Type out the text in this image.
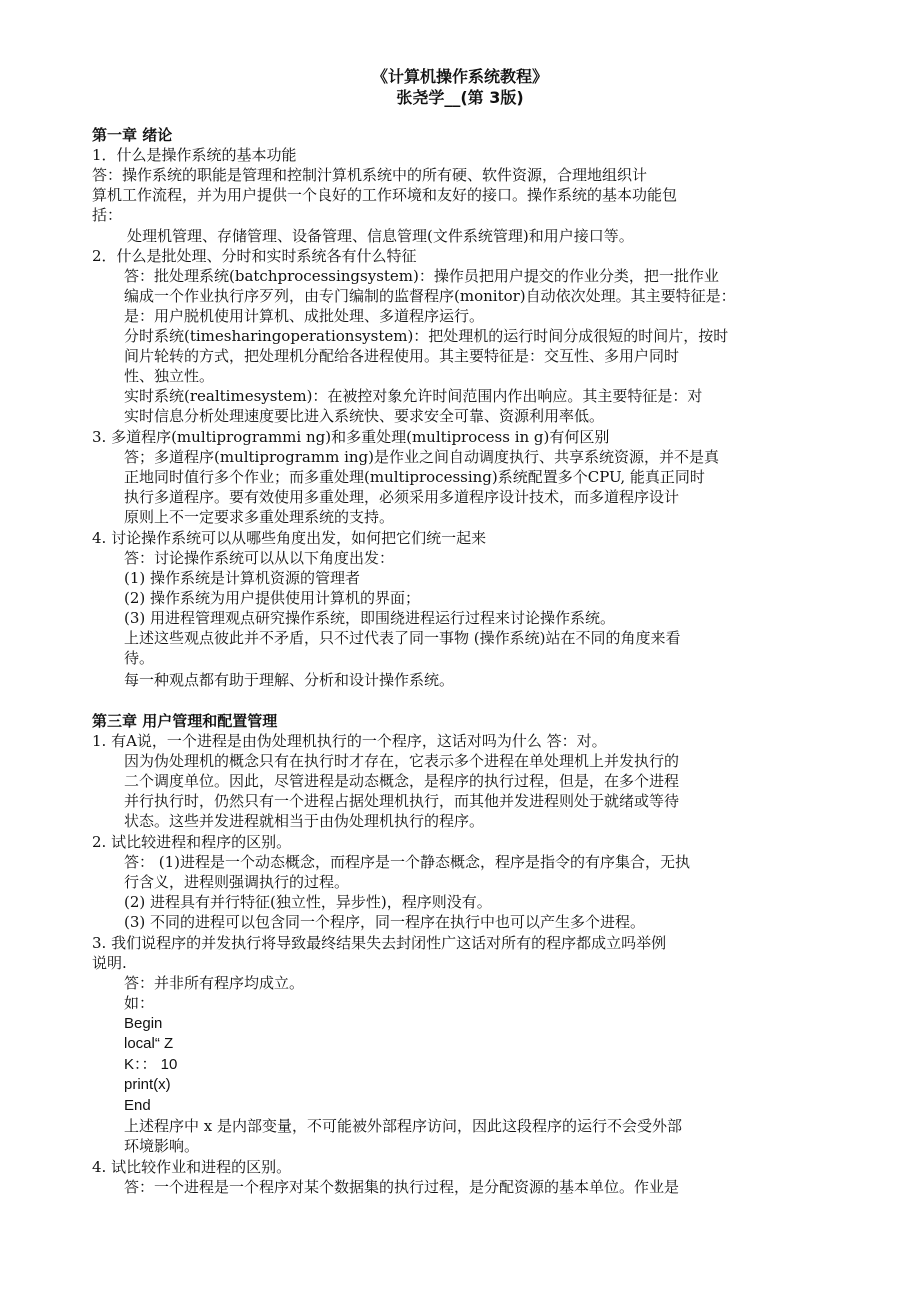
《计算机操作系统教程》
张尧学__(第 3版)
第一章 绪论
1．什么是操作系统的基本功能
答：操作系统的职能是管理和控制汁算机系统中的所有硬、软件资源，合理地组织计
算机工作流程，并为用户提供一个良好的工作环境和友好的接口。操作系统的基本功能包
括：
处理机管理、存储管理、设备管理、信息管理(文件系统管理)和用户接口等。
2．什么是批处理、分时和实时系统各有什么特征
答：批处理系统(batchprocessingsystem)：操作员把用户提交的作业分类，把一批作业
编成一个作业执行序歹列，由专门编制的监督程序(monitor)自动依次处理。其主要特征是：
是：用户脱机使用计算机、成批处理、多道程序运行。
分时系统(timesharingoperationsystem)：把处理机的运行时间分成很短的时间片，按时
间片轮转的方式，把处理机分配给各进程使用。其主要特征是：交互性、多用户同时
性、独立性。
实时系统(realtimesystem)：在被控对象允许时间范围内作出响应。其主要特征是：对
实时信息分析处理速度要比进入系统快、要求安全可靠、资源利用率低。
3. 多道程序(multiprogrammi ng)和多重处理(multiprocess in g)有何区别
答；多道程序(multiprogramm ing)是作业之间自动调度执行、共享系统资源，并不是真
正地同时值行多个作业；而多重处理(multiprocessing)系统配置多个CPU, 能真正同时
执行多道程序。要有效使用多重处理，必须采用多道程序设计技术，而多道程序设计
原则上不一定要求多重处理系统的支持。
4. 讨论操作系统可以从哪些角度出发，如何把它们统一起来
答：讨论操作系统可以从以下角度出发：
(1) 操作系统是计算机资源的管理者
(2) 操作系统为用户提供使用计算机的界面；
(3) 用进程管理观点研究操作系统，即围绕进程运行过程来讨论操作系统。
上述这些观点彼此并不矛盾，只不过代表了同一事物 (操作系统)站在不同的角度来看
待。
每一种观点都有助于理解、分析和设计操作系统。
第三章 用户管理和配置管理
1. 有A说，一个进程是由伪处理机执行的一个程序，这话对吗为什么 答：对。
因为伪处理机的概念只有在执行时才存在，它表示多个进程在单处理机上并发执行的
二个调度单位。因此，尽管进程是动态概念，是程序的执行过程，但是，在多个进程
并行执行时，仍然只有一个进程占据处理机执行，而其他并发进程则处于就绪或等待
状态。这些并发进程就相当于由伪处理机执行的程序。
2. 试比较进程和程序的区别。
答： (1)进程是一个动态概念，而程序是一个静态概念，程序是指令的有序集合，无执
行含义，进程则强调执行的过程。
(2) 进程具有并行特征(独立性，异步性)，程序则没有。
(3) 不同的进程可以包含同一个程序，同一程序在执行中也可以产生多个进程。
3. 我们说程序的并发执行将导致最终结果失去封闭性广这话对所有的程序都成立吗举例
说明.
答：并非所有程序均成立。
如：
Begin
local“ Z
K：： 10
print(x)
End
上述程序中 x 是内部变量，不可能被外部程序访问，因此这段程序的运行不会受外部
环境影响。
4. 试比较作业和进程的区别。
答：一个进程是一个程序对某个数据集的执行过程，是分配资源的基本单位。作业是
